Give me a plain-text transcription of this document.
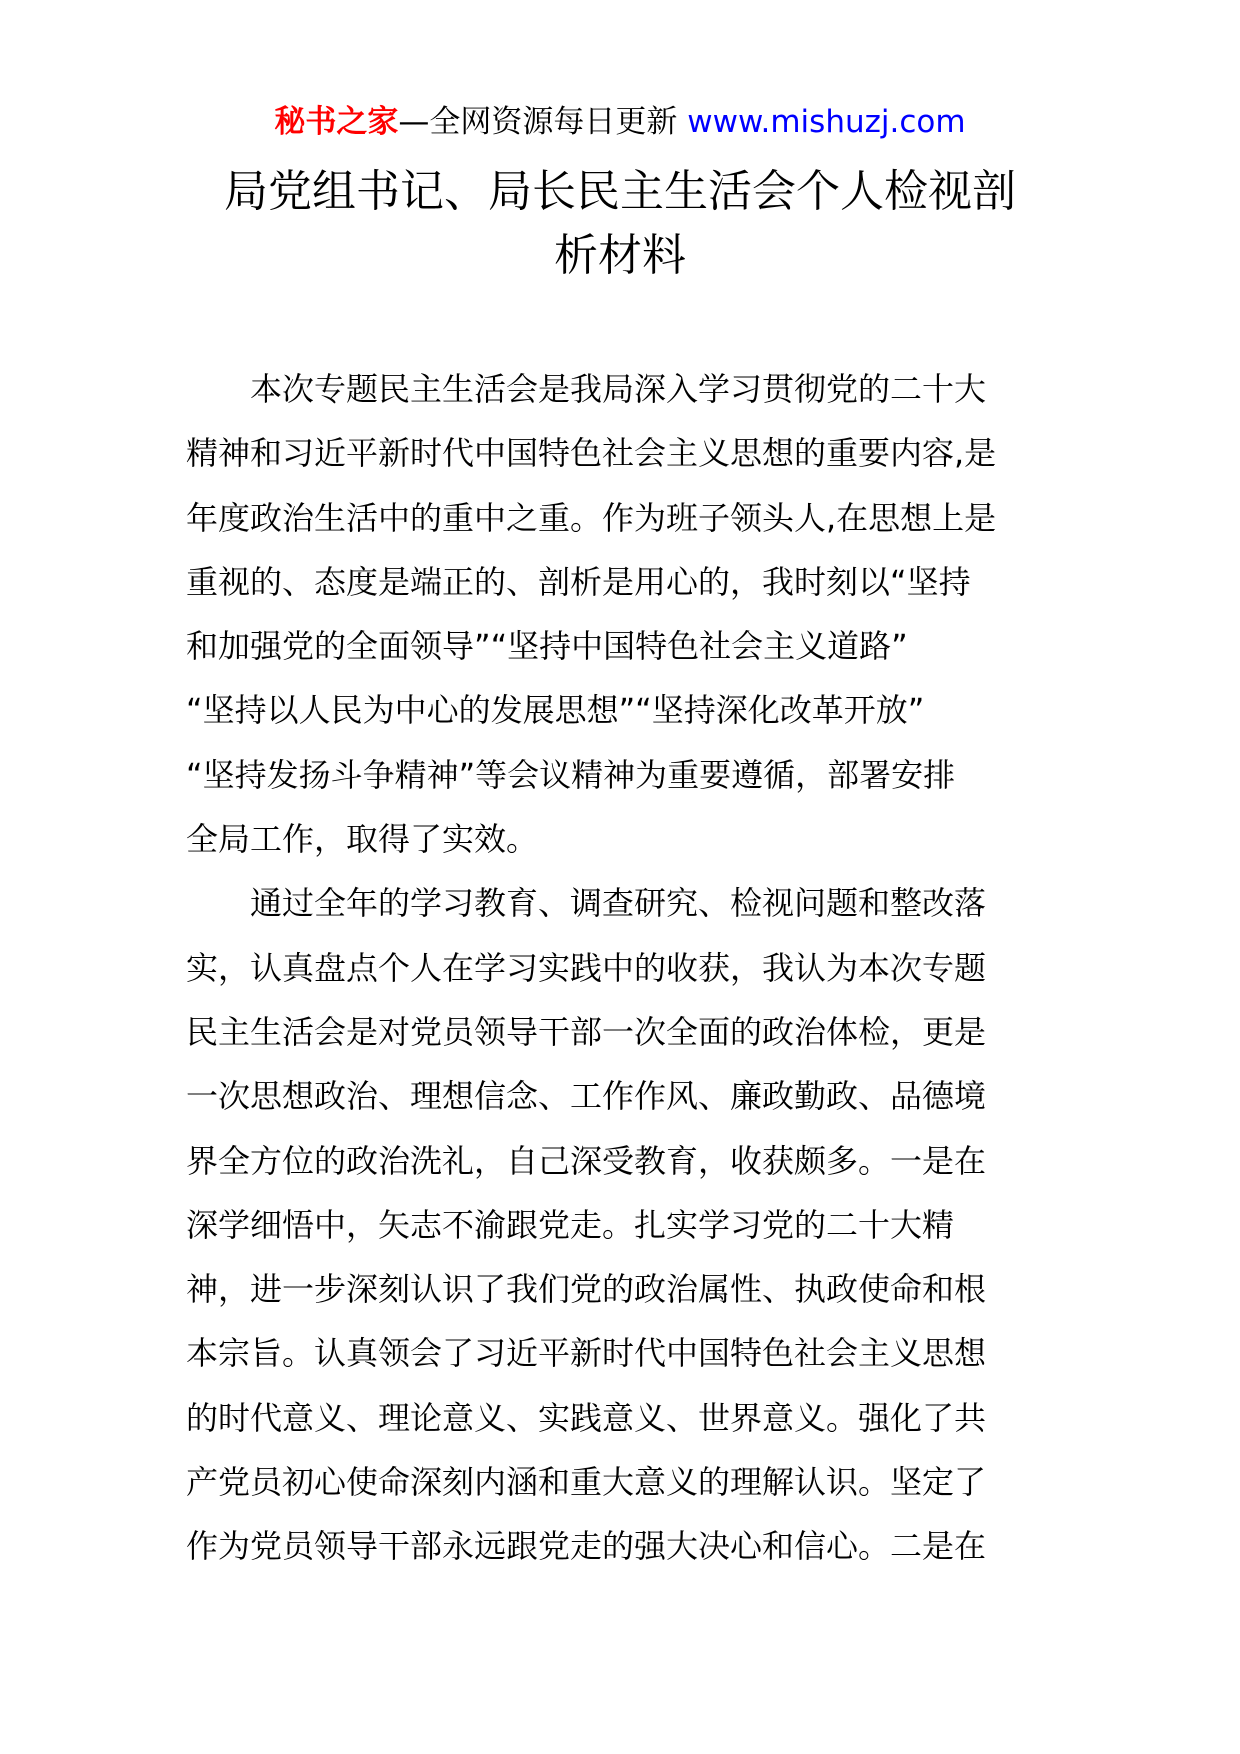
秘书之家—全网资源每日更新 www.mishuzj.com
局党组书记、局长民主生活会个人检视剖
析材料
本次专题民主生活会是我局深入学习贯彻党的二十大
精神和习近平新时代中国特色社会主义思想的重要内容,是
年度政治生活中的重中之重。作为班子领头人,在思想上是
重视的、态度是端正的、剖析是用心的，我时刻以“坚持
和加强党的全面领导”“坚持中国特色社会主义道路”
“坚持以人民为中心的发展思想”“坚持深化改革开放”
“坚持发扬斗争精神”等会议精神为重要遵循，部署安排
全局工作，取得了实效。
通过全年的学习教育、调查研究、检视问题和整改落
实，认真盘点个人在学习实践中的收获，我认为本次专题
民主生活会是对党员领导干部一次全面的政治体检，更是
一次思想政治、理想信念、工作作风、廉政勤政、品德境
界全方位的政治洗礼，自己深受教育，收获颇多。一是在
深学细悟中，矢志不渝跟党走。扎实学习党的二十大精
神，进一步深刻认识了我们党的政治属性、执政使命和根
本宗旨。认真领会了习近平新时代中国特色社会主义思想
的时代意义、理论意义、实践意义、世界意义。强化了共
产党员初心使命深刻内涵和重大意义的理解认识。坚定了
作为党员领导干部永远跟党走的强大决心和信心。二是在
